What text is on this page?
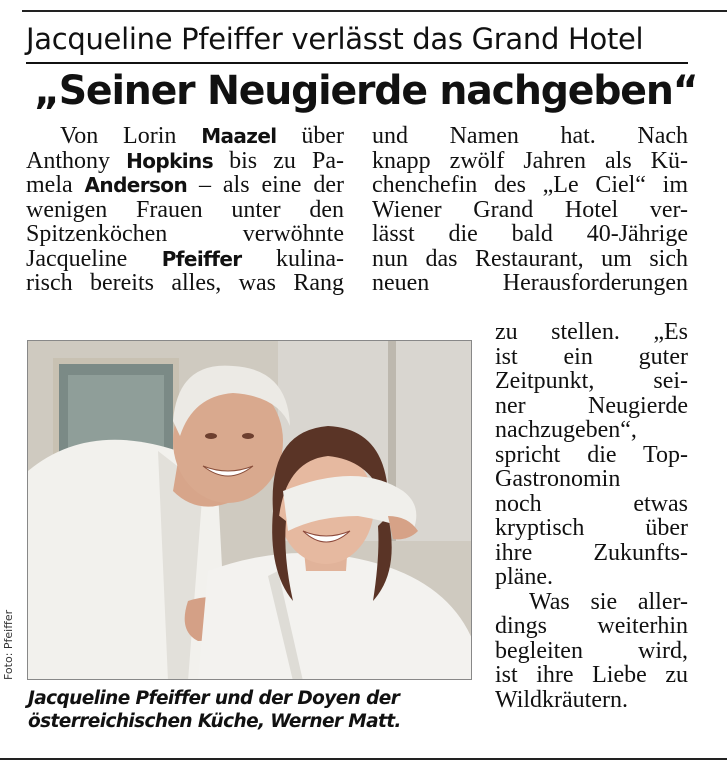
Jacqueline Pfeiffer verlässt das Grand Hotel
„Seiner Neugierde nachgeben“
Von Lorin Maazel über
Anthony Hopkins bis zu Pa-
mela Anderson – als eine der
wenigen Frauen unter den
Spitzenköchen verwöhnte
Jacqueline Pfeiffer kulina-
risch bereits alles, was Rang
und Namen hat. Nach
knapp zwölf Jahren als Kü-
chenchefin des „Le Ciel“ im
Wiener Grand Hotel ver-
lässt die bald 40-Jährige
nun das Restaurant, um sich
neuen Herausforderungen
zu stellen. „Es
ist ein guter
Zeitpunkt, sei-
ner Neugierde
nachzugeben“,
spricht die Top-
Gastronomin
noch etwas
kryptisch über
ihre Zukunfts-
pläne.
Was sie aller-
dings weiterhin
begleiten wird,
ist ihre Liebe zu
Wildkräutern.
Foto: Pfeiffer
Jacqueline Pfeiffer und der Doyen der
österreichischen Küche, Werner Matt.
